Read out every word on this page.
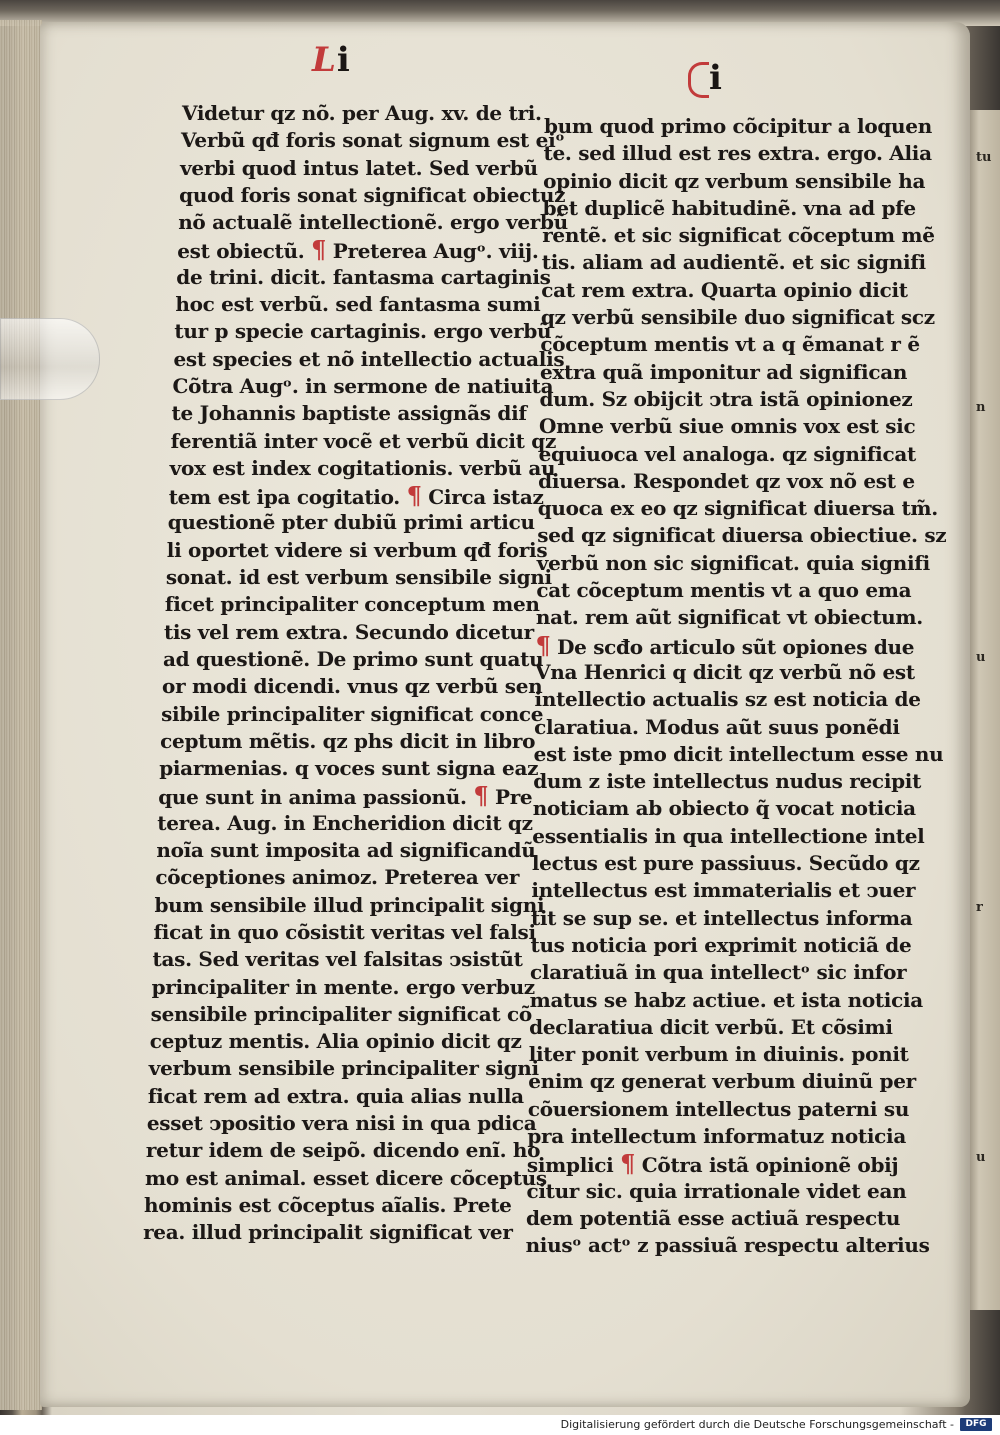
tu
n
u
r
u
Li	i
Videtur qz nõ. per Aug. xv. de tri.
Verbũ qđ foris sonat signum est eiᵒ
verbi quod intus latet. Sed verbũ
quod foris sonat significat obiectuz
nõ actualẽ intellectionẽ. ergo verbũ
est obiectũ. ¶ Preterea Augᵒ. viij.
de trini. dicit. fantasma cartaginis
hoc est verbũ. sed fantasma sumi
tur p specie cartaginis. ergo verbũ
est species et nõ intellectio actualis
Cõtra Augᵒ. in sermone de natiuita
te Johannis baptiste assignãs dif
ferentiã inter vocẽ et verbũ dicit qz
vox est index cogitationis. verbũ au
tem est ipa cogitatio. ¶ Circa istaz
questionẽ pter dubiũ primi articu
li oportet videre si verbum qđ foris
sonat. id est verbum sensibile signi
ficet principaliter conceptum men
tis vel rem extra. Secundo dicetur
ad questionẽ. De primo sunt quatu
or modi dicendi. vnus qz verbũ sen
sibile principaliter significat conce
ceptum mẽtis. qz phs dicit in libro
piarmenias. q voces sunt signa eaz
que sunt in anima passionũ. ¶ Pre
terea. Aug. in Encheridion dicit qz
noĩa sunt imposita ad significandũ
cõceptiones animoz. Preterea ver
bum sensibile illud principalit signi
ficat in quo cõsistit veritas vel falsi
tas. Sed veritas vel falsitas ↄsistũt
principaliter in mente. ergo verbuz
sensibile principaliter significat cõ
ceptuz mentis. Alia opinio dicit qz
verbum sensibile principaliter signi
ficat rem ad extra. quia alias nulla
esset ↄpositio vera nisi in qua pdica
retur idem de seipõ. dicendo enĩ. ho
mo est animal. esset dicere cõceptus
hominis est cõceptus aĩalis. Prete
rea. illud principalit significat ver
bum quod primo cõcipitur a loquen
te. sed illud est res extra. ergo. Alia
opinio dicit qz verbum sensibile ha
bet duplicẽ habitudinẽ. vna ad pfe
rentẽ. et sic significat cõceptum mẽ
tis. aliam ad audientẽ. et sic signifi
cat rem extra. Quarta opinio dicit
qz verbũ sensibile duo significat scz
cõceptum mentis vt a q ẽmanat r ẽ
extra quã imponitur ad significan
dum. Sz obijcit ↄtra istã opinionez
Omne verbũ siue omnis vox est sic
equiuoca vel analoga. qz significat
diuersa. Respondet qz vox nõ est e
quoca ex eo qz significat diuersa tm̃.
sed qz significat diuersa obiectiue. sz
verbũ non sic significat. quia signifi
cat cõceptum mentis vt a quo ema
nat. rem aũt significat vt obiectum.
¶ De scđo articulo sũt opiones due
Vna Henrici q dicit qz verbũ nõ est
intellectio actualis sz est noticia de
claratiua. Modus aũt suus ponẽdi
est iste pmo dicit intellectum esse nu
dum z iste intellectus nudus recipit
noticiam ab obiecto q̃ vocat noticia
essentialis in qua intellectione intel
lectus est pure passiuus. Secũdo qz
intellectus est immaterialis et ↄuer
tit se sup se. et intellectus informa
tus noticia pori exprimit noticiã de
claratiuã in qua intellectᵒ sic infor
matus se habz actiue. et ista noticia
declaratiua dicit verbũ. Et cõsimi
liter ponit verbum in diuinis. ponit
enim qz generat verbum diuinũ per
cõuersionem intellectus paterni su
pra intellectum informatuz noticia
simplici ¶ Cõtra istã opinionẽ obij
citur sic. quia irrationale videt ean
dem potentiã esse actiuã respectu
niusᵒ actᵒ z passiuã respectu alterius
Digitalisierung gefördert durch die Deutsche Forschungsgemeinschaft -	DFG
